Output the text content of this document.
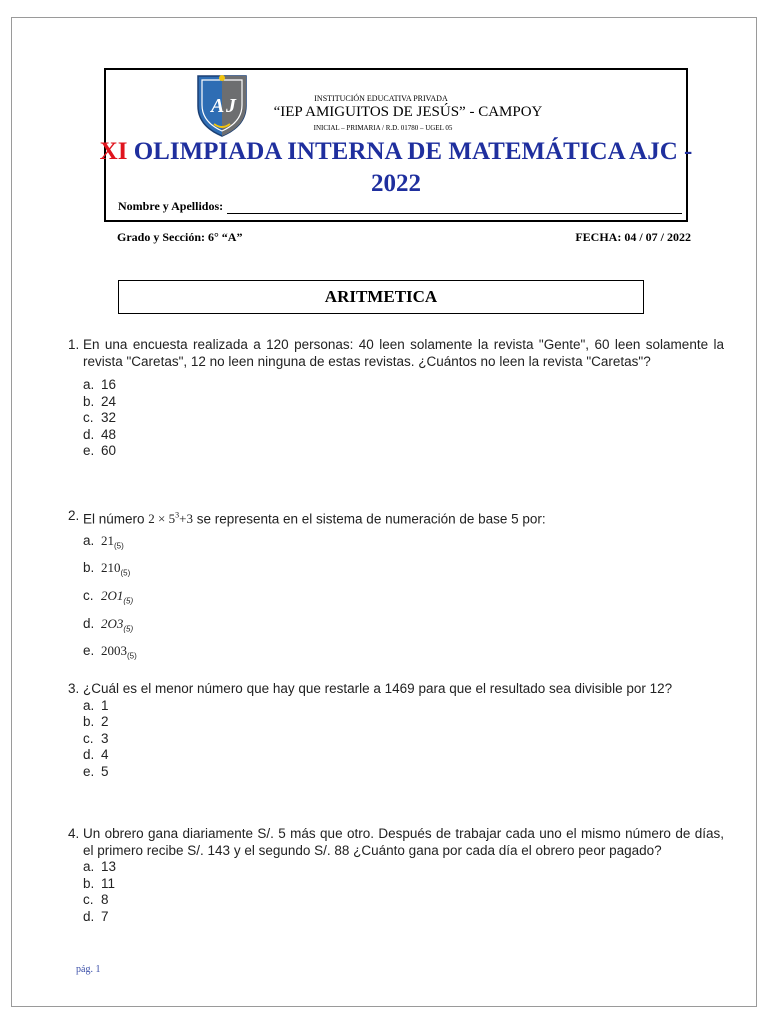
A J	INSTITUCIÓN EDUCATIVA PRIVADA
“IEP AMIGUITOS DE JESÚS” - CAMPOY
INICIAL – PRIMARIA / R.D. 01780 – UGEL 05
XI OLIMPIADA INTERNA DE MATEMÁTICA AJC -
2022
Nombre y Apellidos:
Grado y Sección: 6° “A”	FECHA: 04 / 07 / 2022
ARITMETICA
1. En una encuesta realizada a 120 personas: 40 leen solamente la revista "Gente", 60 leen solamente la revista "Caretas", 12 no leen ninguna de estas revistas. ¿Cuántos no leen la revista "Caretas"?
a. 16
b. 24
c. 32
d. 48
e. 60
2. El número $2 \times 5^3+3$ se representa en el sistema de numeración de base 5 por:
a. $21_{(5)}$
b. $210_{(5)}$
c. $2O1_{(5)}$
d. $2O3_{(5)}$
e. $2003_{(5)}$
3. ¿Cuál es el menor número que hay que restarle a 1469 para que el resultado sea divisible por 12?
a. 1
b. 2
c. 3
d. 4
e. 5
4. Un obrero gana diariamente S/. 5 más que otro. Después de trabajar cada uno el mismo número de días, el primero recibe S/. 143 y el segundo S/. 88 ¿Cuánto gana por cada día el obrero peor pagado?
a. 13
b. 11
c. 8
d. 7
pág. 1
